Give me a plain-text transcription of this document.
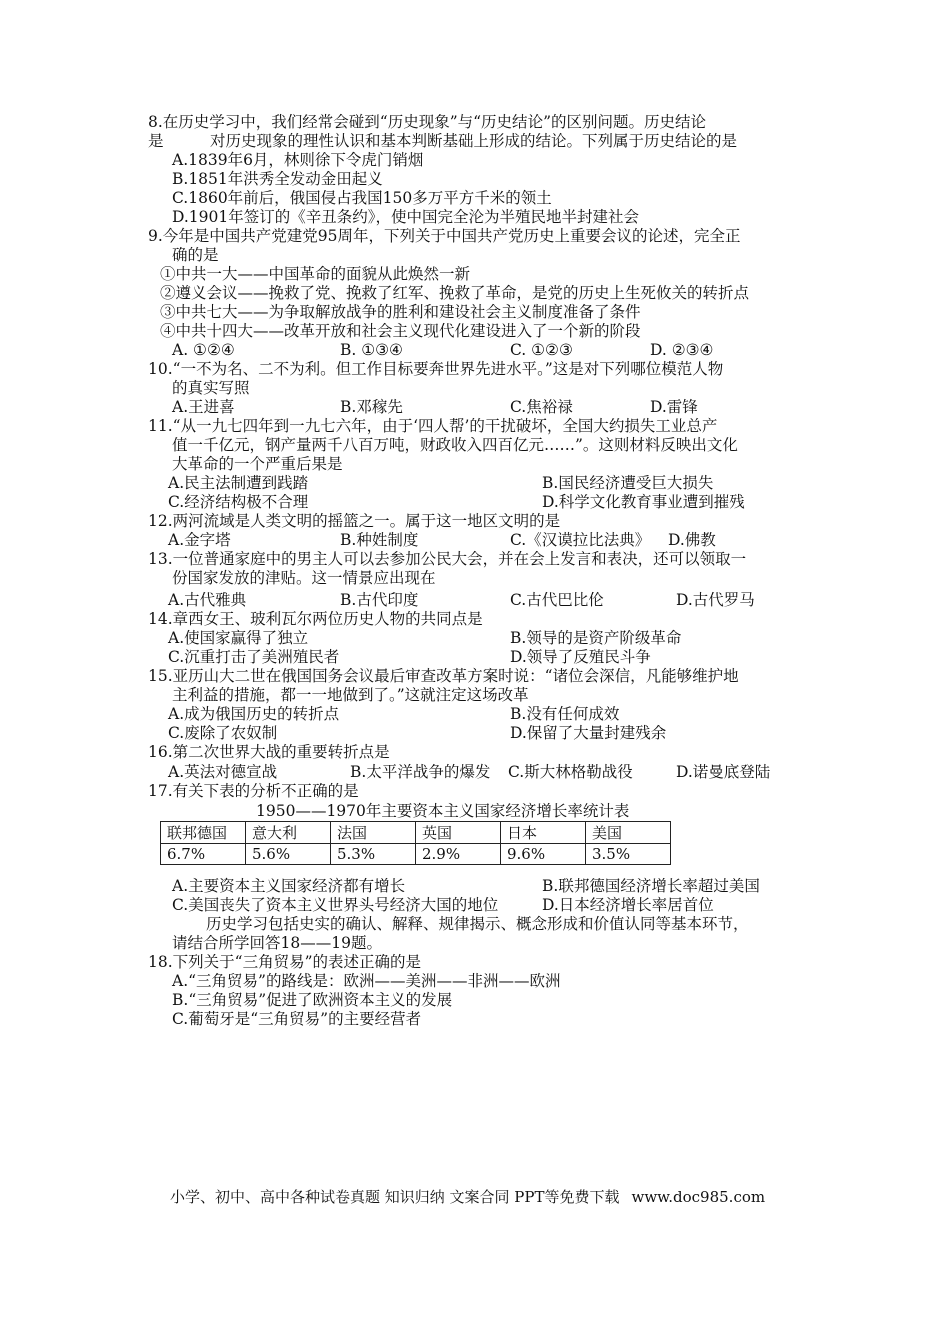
8.在历史学习中，我们经常会碰到“历史现象”与“历史结论”的区别问题。历史结论
是　　　对历史现象的理性认识和基本判断基础上形成的结论。下列属于历史结论的是
A.1839年6月，林则徐下令虎门销烟
B.1851年洪秀全发动金田起义
C.1860年前后，俄国侵占我国150多万平方千米的领土
D.1901年签订的《辛丑条约》，使中国完全沦为半殖民地半封建社会
9.今年是中国共产党建党95周年，下列关于中国共产党历史上重要会议的论述，完全正
确的是
①中共一大——中国革命的面貌从此焕然一新
②遵义会议——挽救了党、挽救了红军、挽救了革命，是党的历史上生死攸关的转折点
③中共七大——为争取解放战争的胜利和建设社会主义制度准备了条件
④中共十四大——改革开放和社会主义现代化建设进入了一个新的阶段
A. ①②④	B. ①③④	C. ①②③	D. ②③④
10.“一不为名、二不为利。但工作目标要奔世界先进水平。”这是对下列哪位模范人物
的真实写照
A.王进喜	B.邓稼先	C.焦裕禄	D.雷锋
11.“从一九七四年到一九七六年，由于‘四人帮’的干扰破坏，全国大约损失工业总产
值一千亿元，钢产量两千八百万吨，财政收入四百亿元……”。这则材料反映出文化
大革命的一个严重后果是
A.民主法制遭到践踏	B.国民经济遭受巨大损失
C.经济结构极不合理	D.科学文化教育事业遭到摧残
12.两河流域是人类文明的摇篮之一。属于这一地区文明的是
A.金字塔	B.种姓制度	C.《汉谟拉比法典》 D.佛教
13.一位普通家庭中的男主人可以去参加公民大会，并在会上发言和表决，还可以领取一
份国家发放的津贴。这一情景应出现在
A.古代雅典	B.古代印度	C.古代巴比伦	D.古代罗马
14.章西女王、玻利瓦尔两位历史人物的共同点是
A.使国家赢得了独立	B.领导的是资产阶级革命
C.沉重打击了美洲殖民者	D.领导了反殖民斗争
15.亚历山大二世在俄国国务会议最后审查改革方案时说：“诸位会深信，凡能够维护地
主利益的措施，都一一地做到了。”这就注定这场改革
A.成为俄国历史的转折点	B.没有任何成效
C.废除了农奴制	D.保留了大量封建残余
16.第二次世界大战的重要转折点是
A.英法对德宣战	B.太平洋战争的爆发 C.斯大林格勒战役	D.诺曼底登陆
17.有关下表的分析不正确的是
1950——1970年主要资本主义国家经济增长率统计表
联邦德国	意大利	法国	英国	日本	美国
6.7%	5.6%	5.3%	2.9%	9.6%	3.5%
A.主要资本主义国家经济都有增长	B.联邦德国经济增长率超过美国
C.美国丧失了资本主义世界头号经济大国的地位	D.日本经济增长率居首位
历史学习包括史实的确认、解释、规律揭示、概念形成和价值认同等基本环节，
请结合所学回答18——19题。
18.下列关于“三角贸易”的表述正确的是
A.“三角贸易”的路线是：欧洲——美洲——非洲——欧洲
B.“三角贸易”促进了欧洲资本主义的发展
C.葡萄牙是“三角贸易”的主要经营者
小学、初中、高中各种试卷真题 知识归纳 文案合同 PPT等免费下载 www.doc985.com
